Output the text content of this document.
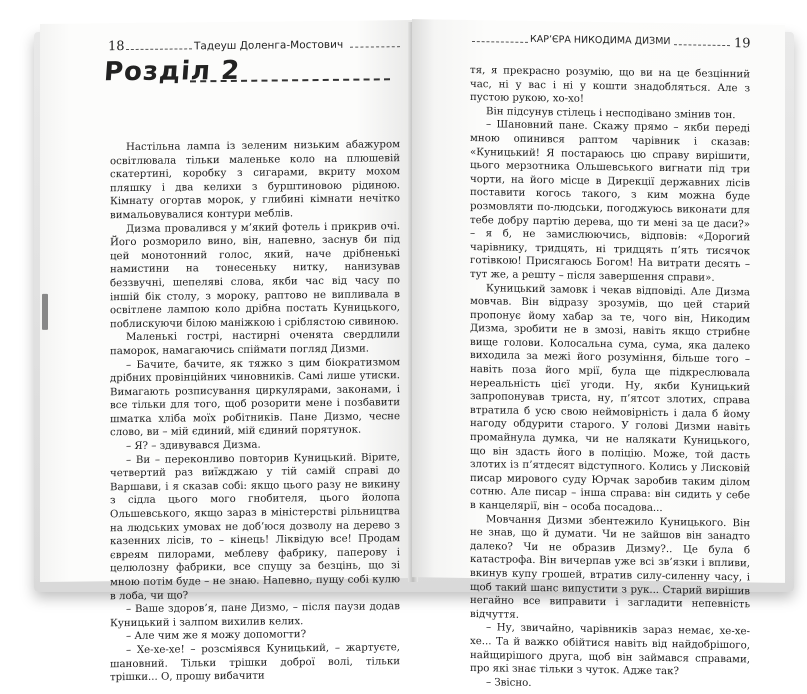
18	Тадеуш Доленга-Мостович
Розділ 2

Настільна лампа із зеленим низьким абажуром освітлювала тільки маленьке коло на плюшевій скатертині, коробку з сигарами, вкриту мохом пляшку і два келихи з бурштиновою рідиною. Кімнату огортав морок, у глибині кімнати нечітко вимальовувалися контури меблів.

Дизма провалився у м’який фотель і прикрив очі. Його розморило вино, він, напевно, заснув би під цей монотонний голос, який, наче дрібненькі намистини на тонесеньку нитку, нанизував беззвучні, шепеляві слова, якби час від часу по іншій бік столу, з мороку, раптово не випливала в освітлене лампою коло дрібна постать Куницького, поблискуючи білою маніжкою і сріблястою сивиною.

Маленькі гострі, настирні оченята свердлили паморок, намагаючись спіймати погляд Дизми.

– Бачите, бачите, як тяжко з цим біократизмом дрібних провінційних чиновників. Самі лише утиски. Вимагають розписування циркулярами, законами, і все тільки для того, щоб розорити мене і позбавити шматка хліба моїх робітників. Пане Дизмо, чесне слово, ви – мій єдиний, мій єдиний порятунок.

– Я? – здивувався Дизма.

– Ви – переконливо повторив Куницький. Вірите, четвертий раз виїжджаю у тій самій справі до Варшави, і я сказав собі: якщо цього разу не викину з сідла цього мого гнобителя, цього йолопа Ольшевського, якщо зараз в міністерстві рільництва на людських умовах не доб’юся дозволу на дерево з казенних лісів, то – кінець! Ліквідую все! Продам євреям пилорами, меблеву фабрику, паперову і целюлозну фабрики, все спущу за безцінь, що зі мною потім буде – не знаю. Напевно, пущу собі кулю в лоба, чи що?

– Ваше здоров’я, пане Дизмо, – після паузи додав Куницький і залпом вихилив келих.

– Але чим же я можу допомогти?

– Хе-хе-хе! – розсміявся Куницький, – жартуєте, шановний. Тільки трішки доброї волі, тільки трішки... О, прошу вибачити

КАР’ЄРА НИКОДИМА ДИЗМИ	19

тя, я прекрасно розумію, що ви на це безцінний час, ні у вас і ні у кошти знадобляться. Але з пустою рукою, хо-хо!

Він підсунув стілець і несподівано змінив тон.

– Шановний пане. Скажу прямо – якби переді мною опинився раптом чарівник і сказав: «Куницький! Я постараюсь цю справу вирішити, цього мерзотника Ольшевського вигнати під три чорти, на його місце в Дирекції державних лісів поставити когось такого, з ким можна буде розмовляти по-людськи, погоджуюсь виконати для тебе добру партію дерева, що ти мені за це даси?» – я б, не замислюючись, відповів: «Дорогий чарівнику, тридцять, ні тридцять п’ять тисячок готівкою! Присягаюсь Богом! На витрати десять – тут же, а решту – після завершення справи».

Куницький замовк і чекав відповіді. Але Дизма мовчав. Він відразу зрозумів, що цей старий пропонує йому хабар за те, чого він, Никодим Дизма, зробити не в змозі, навіть якщо стрибне вище голови. Колосальна сума, сума, яка далеко виходила за межі його розуміння, більше того – навіть поза його мрії, була ще підкреслювала нереальність цієї угоди. Ну, якби Куницький запропонував триста, ну, п’ятсот злотих, справа втратила б усю свою неймовірність і дала б йому нагоду обдурити старого. У голові Дизми навіть промайнула думка, чи не налякати Куницького, що він здасть його в поліцію. Може, той дасть злотих із п’ятдесят відступного. Колись у Лисковій писар мирового суду Юрчак заробив таким ділом сотню. Але писар – інша справа: він сидить у себе в канцелярії, він – особа посадова...

Мовчання Дизми збентежило Куницького. Він не знав, що й думати. Чи не зайшов він занадто далеко? Чи не образив Дизму?.. Це була б катастрофа. Він вичерпав уже всі зв’язки і впливи, вкинув купу грошей, втратив силу-силенну часу, і щоб такий шанс випустити з рук... Старий вирішив негайно все виправити і загладити непевність відчуття.

– Ну, звичайно, чарівників зараз немає, хе-хе-хе... Та й важко обійтися навіть від найдобрішого, найщирішого друга, щоб він займався справами, про які знає тільки з чуток. Адже так?

– Звісно.
